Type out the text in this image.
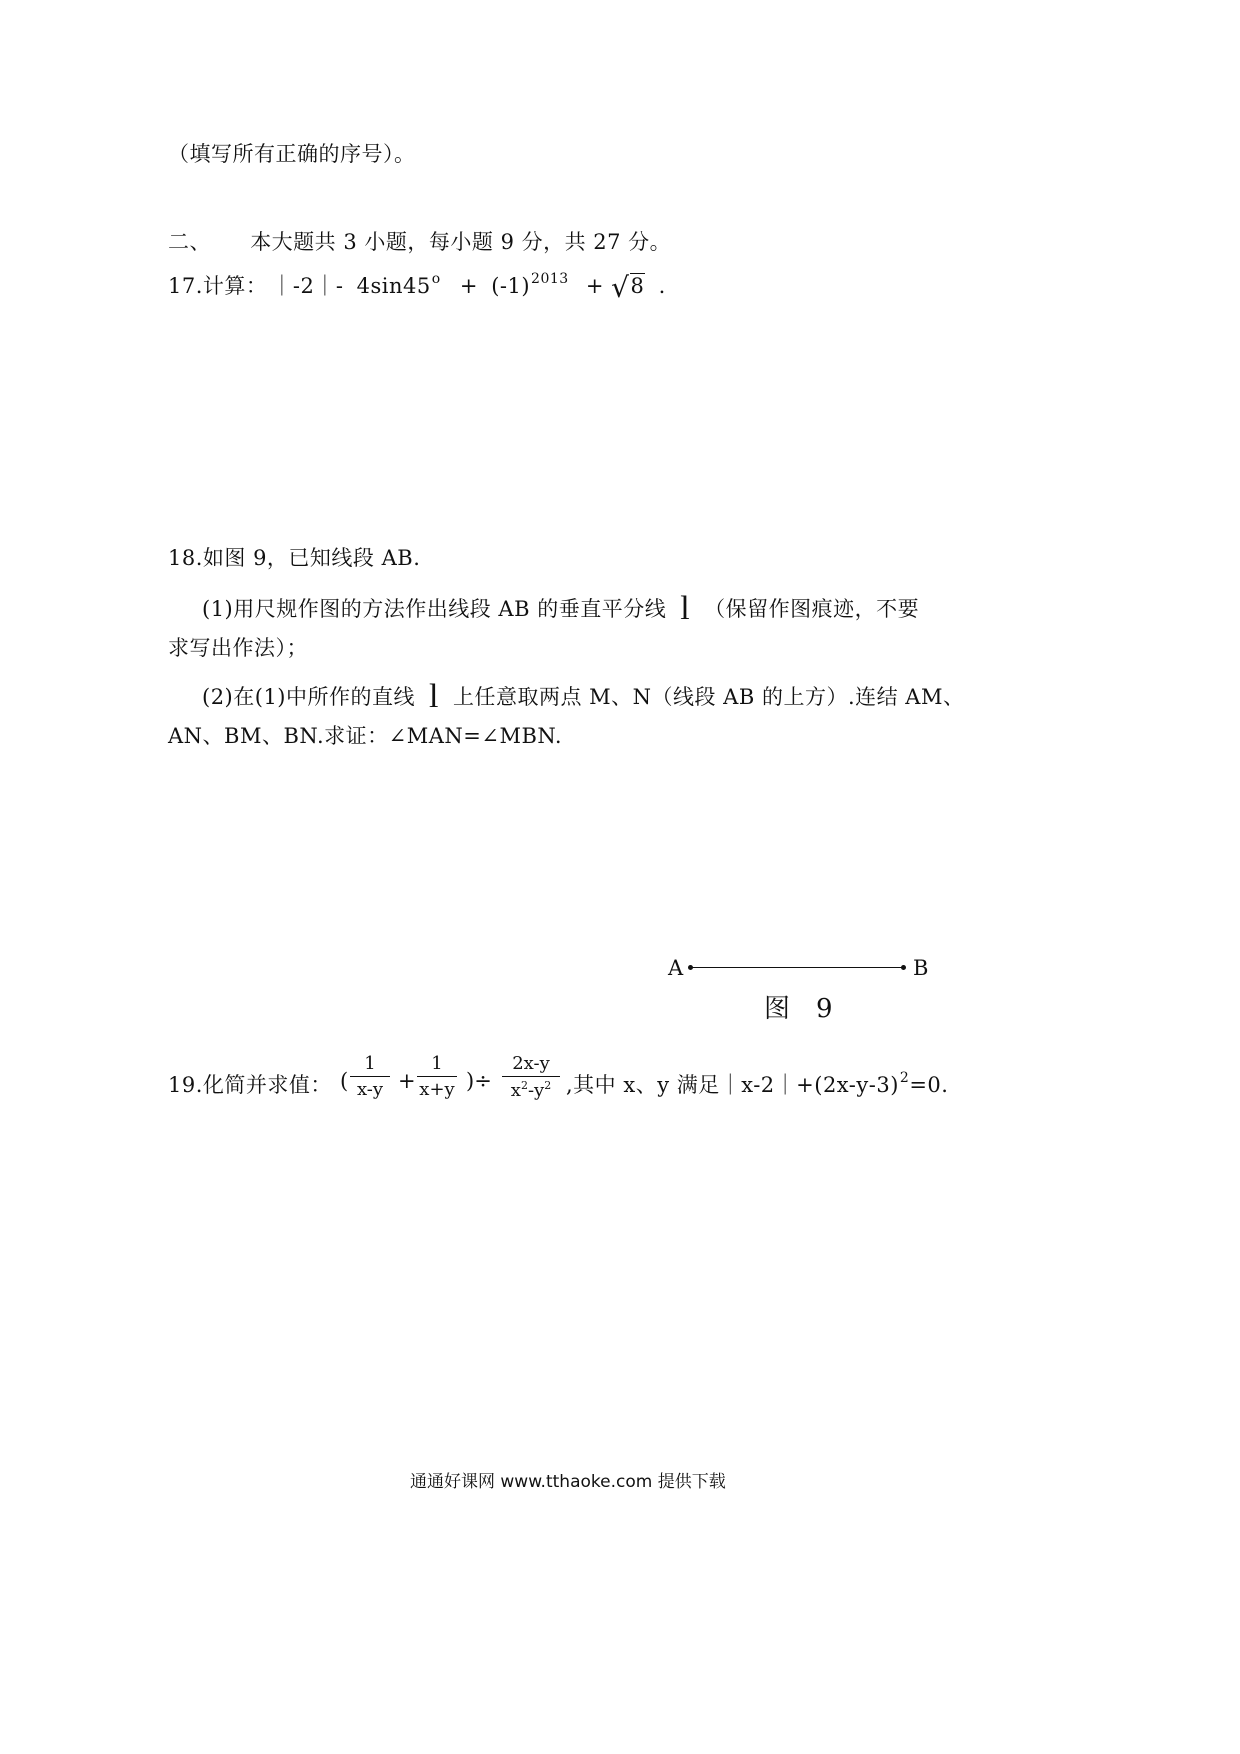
（填写所有正确的序号）。
二、 本大题共 3 小题，每小题 9 分，共 27 分。
17.计算： ｜-2｜- $4\sin 45^o + (-1)^{2013} + √8$ .
18.如图 9，已知线段 AB.
(1)用尺规作图的方法作出线段 AB 的垂直平分线 l （保留作图痕迹，不要
求写出作法）；
(2)在(1)中所作的直线 l 上任意取两点 M、N（线段 AB 的上方）.连结 AM、
AN、BM、BN.求证：∠MAN=∠MBN.
A	B
图　9
19.化简并求值： (
1
x-y +
1
x+y )÷
2x-y
$x^2-y^2$ ,其中 x、y 满足$|x-2|+(2x-y-3)^2=0$.
通通好课网 www.tthaoke.com 提供下载
